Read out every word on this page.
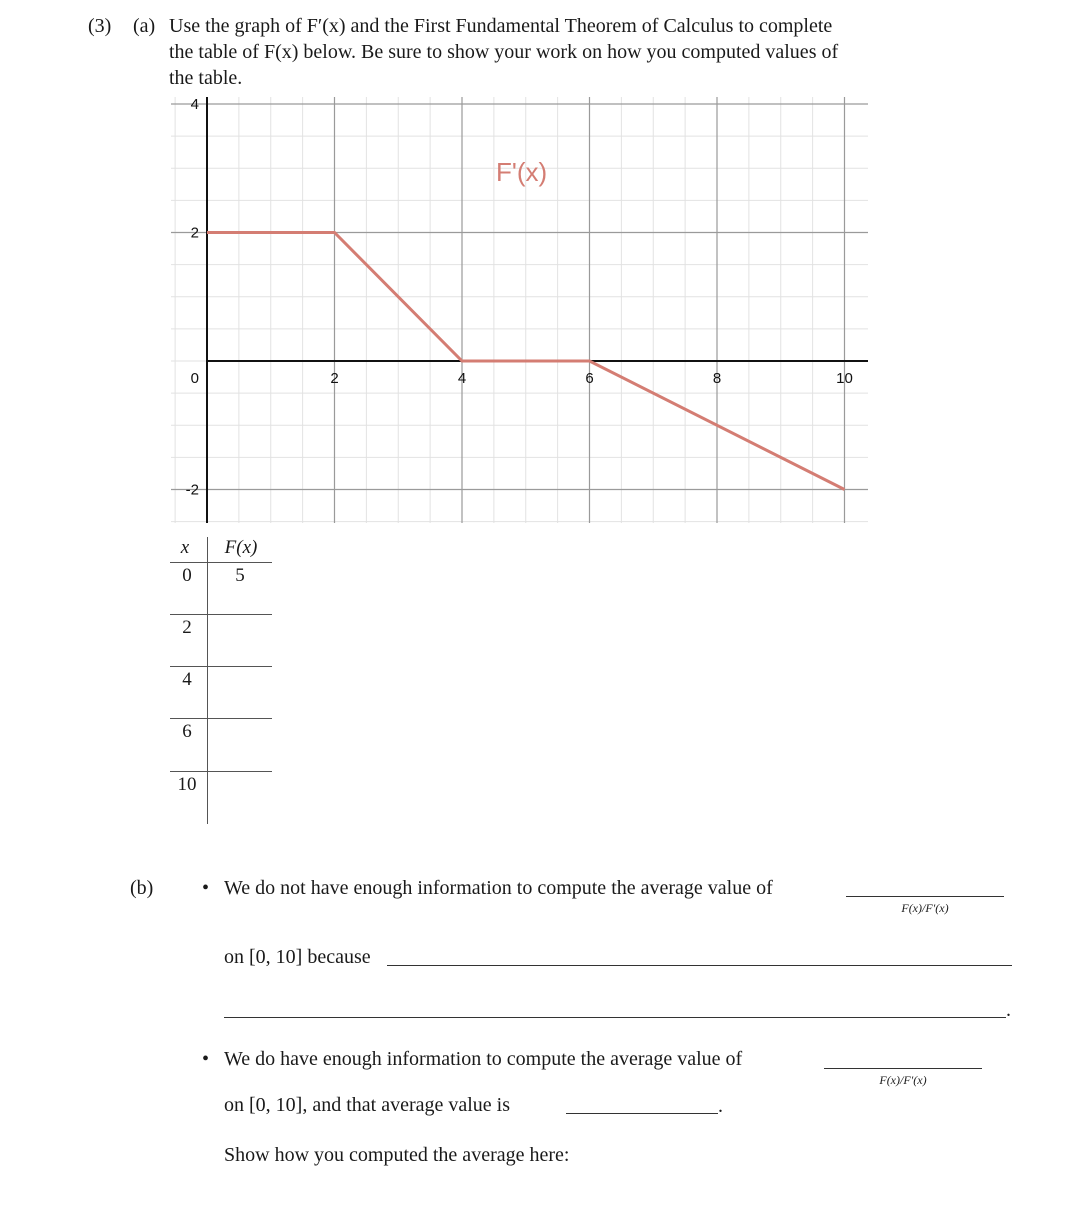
(3) (a) Use the graph of F′(x) and the First Fundamental Theorem of Calculus to complete
the table of F(x) below. Be sure to show your work on how you computed values of
the table.
2	4	6	8	10
4
2
0
-2
F'(x)
x	F(x)
0	5
2
4
6
10
(b) • We do not have enough information to compute the average value of
F(x)/F′(x)
on [0, 10] because
.
• We do have enough information to compute the average value of
F(x)/F′(x)
on [0, 10], and that average value is	.
Show how you computed the average here:
